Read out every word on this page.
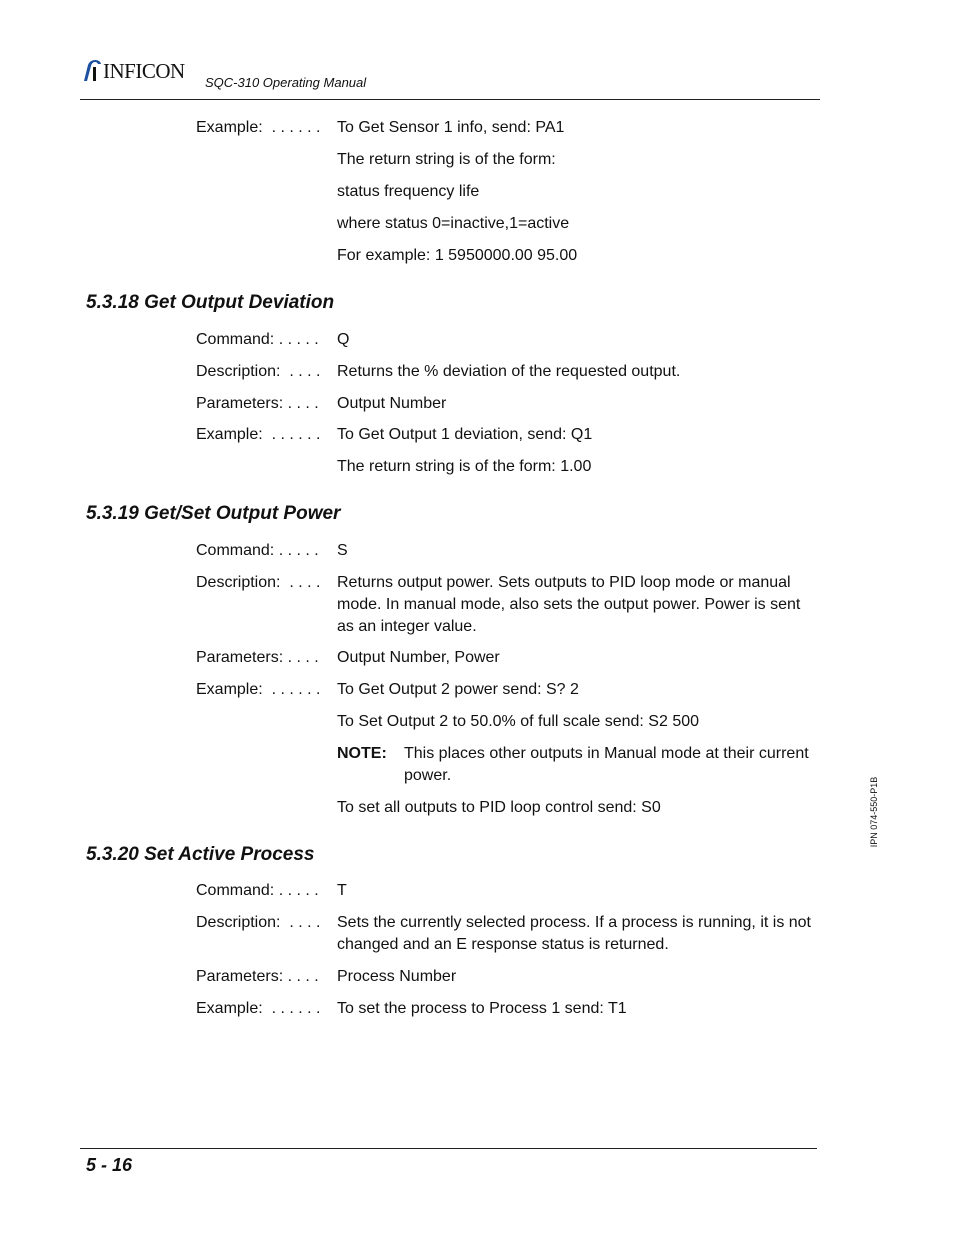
INFICON SQC-310 Operating Manual
Example:  . . . . . . To Get Sensor 1 info, send: PA1
The return string is of the form:
status frequency life
where status 0=inactive,1=active
For example: 1 5950000.00 95.00
5.3.18 Get Output Deviation
Command: . . . . . Q
Description:  . . . . Returns the % deviation of the requested output.
Parameters: . . . . Output Number
Example:  . . . . . . To Get Output 1 deviation, send: Q1
The return string is of the form: 1.00
5.3.19 Get/Set Output Power
Command: . . . . . S
Description:  . . . . Returns output power. Sets outputs to PID loop mode or manual mode. In manual mode, also sets the output power. Power is sent as an integer value.
Parameters: . . . . Output Number, Power
Example:  . . . . . . To Get Output 2 power send: S? 2
To Set Output 2 to 50.0% of full scale send: S2 500
NOTE: This places other outputs in Manual mode at their current power.
To set all outputs to PID loop control send: S0
5.3.20 Set Active Process
Command: . . . . . T
Description:  . . . . Sets the currently selected process. If a process is running, it is not changed and an E response status is returned.
Parameters: . . . . Process Number
Example:  . . . . . . To set the process to Process 1 send: T1
IPN 074-550-P1B
5 - 16
